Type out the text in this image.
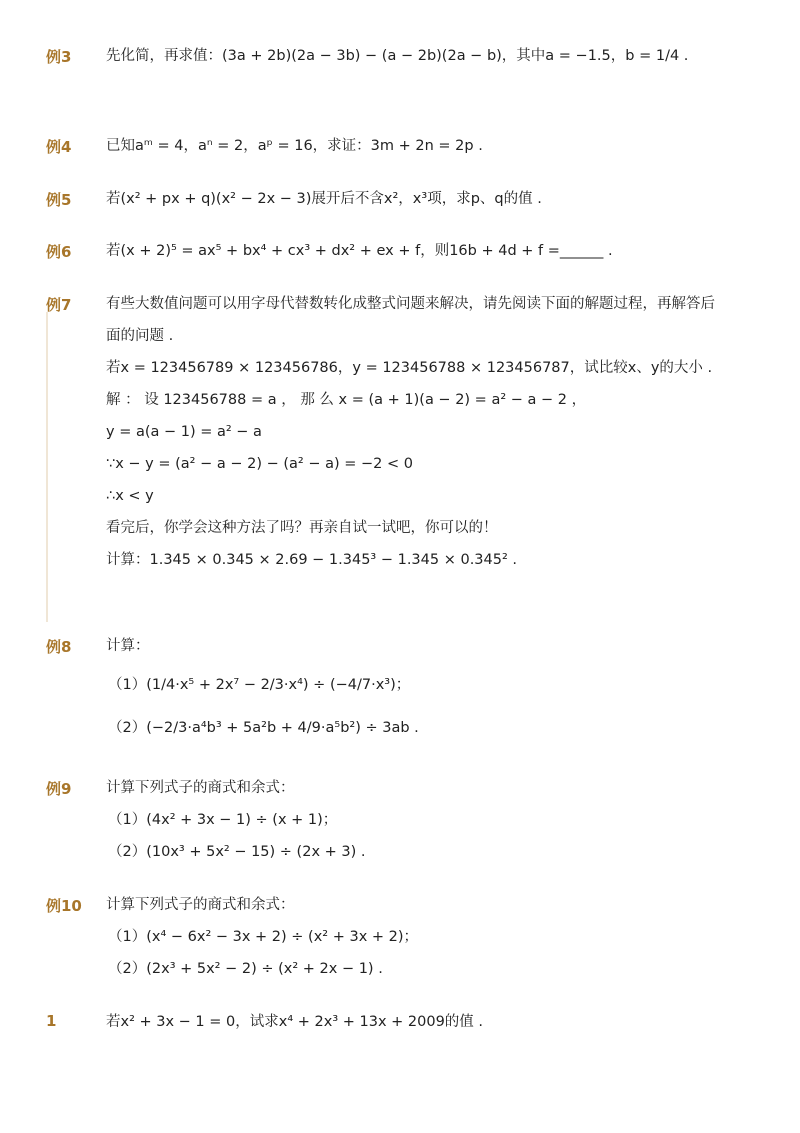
例3 先化简，再求值：(3a + 2b)(2a − 3b) − (a − 2b)(2a − b)，其中a = −1.5，b = 1/4 .
例4 已知aᵐ = 4，aⁿ = 2，aᵖ = 16，求证：3m + 2n = 2p .
例5 若(x² + px + q)(x² − 2x − 3)展开后不含x²，x³项，求p、q的值 .
例6 若(x + 2)⁵ = ax⁵ + bx⁴ + cx³ + dx² + ex + f，则16b + 4d + f =______ .
例7 有些大数值问题可以用字母代替数转化成整式问题来解决，请先阅读下面的解题过程，再解答后
面的问题 .
若x = 123456789 × 123456786，y = 123456788 × 123456787，试比较x、y的大小 .
解 ： 设 123456788 = a ， 那 么 x = (a + 1)(a − 2) = a² − a − 2 ，
y = a(a − 1) = a² − a
∵x − y = (a² − a − 2) − (a² − a) = −2 < 0
∴x < y
看完后，你学会这种方法了吗？再亲自试一试吧，你可以的！
计算：1.345 × 0.345 × 2.69 − 1.345³ − 1.345 × 0.345² .
例8 计算：
（1）(1/4·x⁵ + 2x⁷ − 2/3·x⁴) ÷ (−4/7·x³)；
（2）(−2/3·a⁴b³ + 5a²b + 4/9·a⁵b²) ÷ 3ab .
例9 计算下列式子的商式和余式：
（1）(4x² + 3x − 1) ÷ (x + 1)；
（2）(10x³ + 5x² − 15) ÷ (2x + 3) .
例10 计算下列式子的商式和余式：
（1）(x⁴ − 6x² − 3x + 2) ÷ (x² + 3x + 2)；
（2）(2x³ + 5x² − 2) ÷ (x² + 2x − 1) .
1	若x² + 3x − 1 = 0，试求x⁴ + 2x³ + 13x + 2009的值 .
